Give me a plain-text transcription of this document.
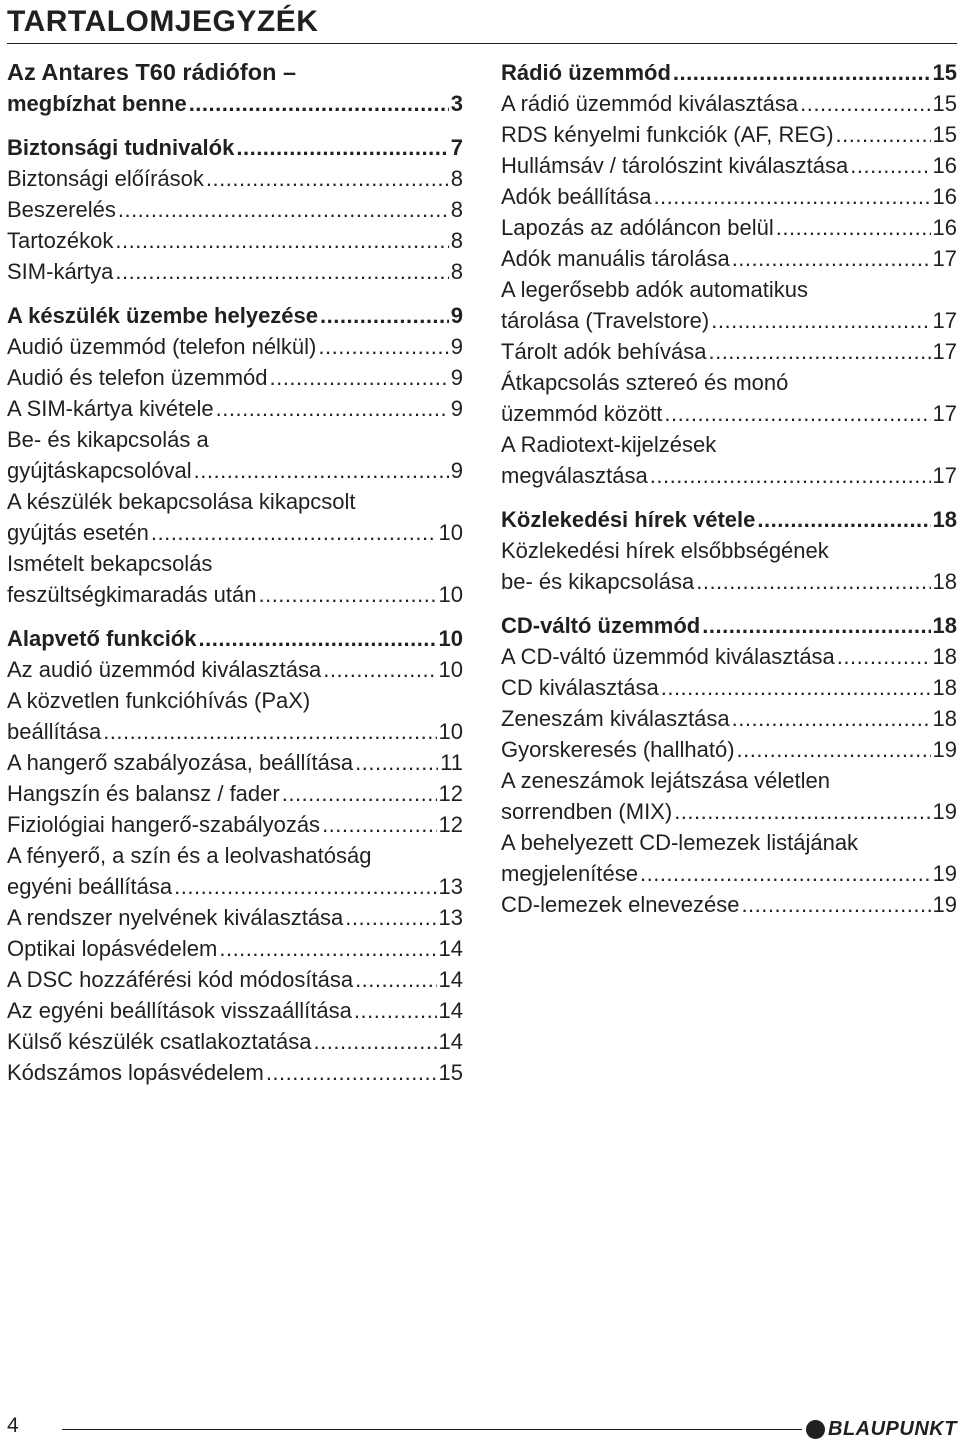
TARTALOMJEGYZÉK
Az Antares T60 rádiófon –
megbízhat benne .....	3
Biztonsági tudnivalók .....	7
Biztonsági előírások .....	8
Beszerelés .....	8
Tartozékok .....	8
SIM-kártya .....	8
A készülék üzembe helyezése .....	9
Audió üzemmód (telefon nélkül) .....	9
Audió és telefon üzemmód .....	9
A SIM-kártya kivétele .....	9
Be- és kikapcsolás a
gyújtáskapcsolóval .....	9
A készülék bekapcsolása kikapcsolt
gyújtás esetén .....	10
Ismételt bekapcsolás
feszültségkimaradás után .....	10
Alapvető funkciók .....	10
Az audió üzemmód kiválasztása .....	10
A közvetlen funkcióhívás (PaX)
beállítása .....	10
A hangerő szabályozása, beállítása .....	11
Hangszín és balansz / fader .....	12
Fiziológiai hangerő-szabályozás .....	12
A fényerő, a szín és a leolvashatóság
egyéni beállítása .....	13
A rendszer nyelvének kiválasztása .....	13
Optikai lopásvédelem .....	14
A DSC hozzáférési kód módosítása .....	14
Az egyéni beállítások visszaállítása .....	14
Külső készülék csatlakoztatása .....	14
Kódszámos lopásvédelem .....	15
Rádió üzemmód .....	15
A rádió üzemmód kiválasztása .....	15
RDS kényelmi funkciók (AF, REG) .....	15
Hullámsáv / tárolószint kiválasztása .....	16
Adók beállítása .....	16
Lapozás az adóláncon belül .....	16
Adók manuális tárolása .....	17
A legerősebb adók automatikus
tárolása (Travelstore) .....	17
Tárolt adók behívása .....	17
Átkapcsolás sztereó és monó
üzemmód között .....	17
A Radiotext-kijelzések
megválasztása .....	17
Közlekedési hírek vétele .....	18
Közlekedési hírek elsőbbségének
be- és kikapcsolása .....	18
CD-váltó üzemmód .....	18
A CD-váltó üzemmód kiválasztása .....	18
CD kiválasztása .....	18
Zeneszám kiválasztása .....	18
Gyorskeresés (hallható) .....	19
A zeneszámok lejátszása véletlen
sorrendben (MIX) .....	19
A behelyezett CD-lemezek listájának
megjelenítése .....	19
CD-lemezek elnevezése .....	19
4	BLAUPUNKT
